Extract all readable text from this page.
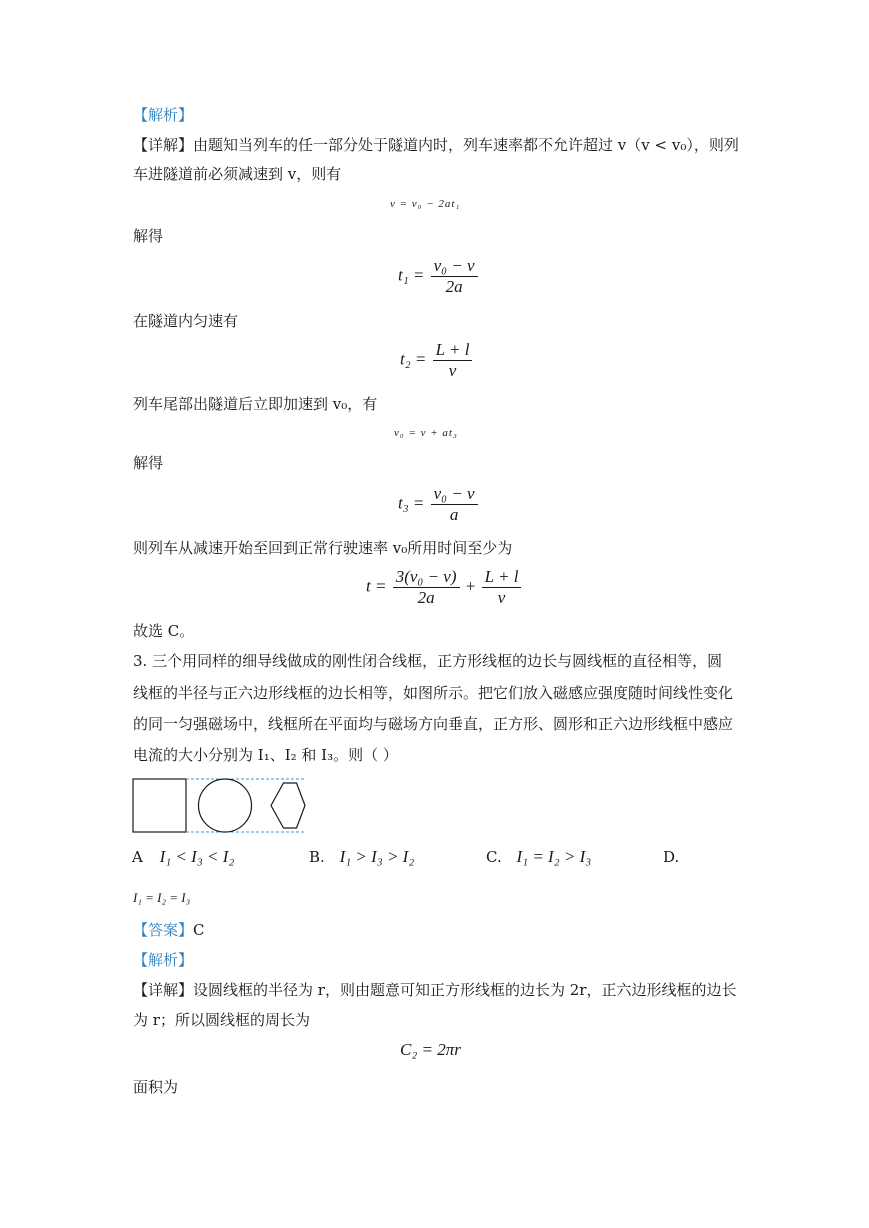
【解析】
【详解】由题知当列车的任一部分处于隧道内时，列车速率都不允许超过 v（v < v₀），则列
车进隧道前必须减速到 v，则有
v = v₀ − 2at₁
解得
$t_1 = \frac{\text{v₀ − v}}{2a}$
在隧道内匀速有
$t_2 = \frac{L + l}{v}$
列车尾部出隧道后立即加速到 v₀，有
v₀ = v + at₃
解得
$t_3 = \frac{\text{v₀ − v}}{a}$
则列车从减速开始至回到正常行驶速率 v₀所用时间至少为
$t = \frac{\text{3(v₀ − v)}}{2a} + \frac{L + l}{v}$
故选 C。
3. 三个用同样的细导线做成的刚性闭合线框，正方形线框的边长与圆线框的直径相等，圆
线框的半径与正六边形线框的边长相等，如图所示。把它们放入磁感应强度随时间线性变化
的同一匀强磁场中，线框所在平面均与磁场方向垂直，正方形、圆形和正六边形线框中感应
电流的大小分别为 I₁、I₂ 和 I₃。则（ ）
A I₁ < I₃ < I₂	B. I₁ > I₃ > I₂	C. I₁ = I₂ > I₃	D.
I₁ = I₂ = I₃
【答案】C
【解析】
【详解】设圆线框的半径为 r，则由题意可知正方形线框的边长为 2r，正六边形线框的边长
为 r；所以圆线框的周长为
C₂ = 2πr
面积为
